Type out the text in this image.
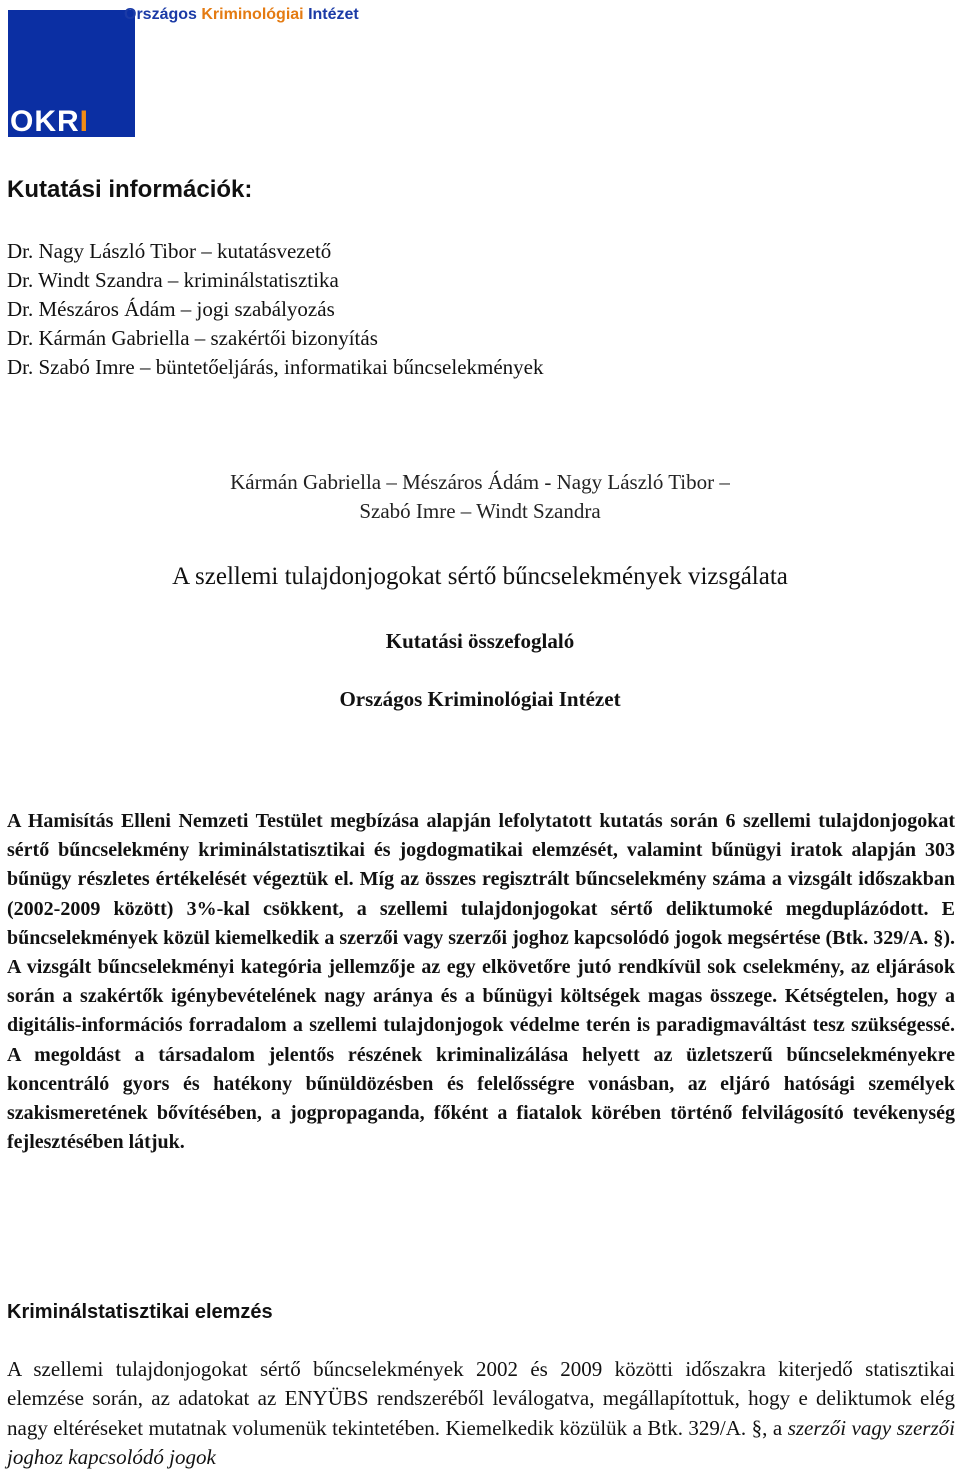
OKRI
Országos Kriminológiai Intézet
Kutatási információk:
Dr. Nagy László Tibor – kutatásvezető
Dr. Windt Szandra – kriminálstatisztika
Dr. Mészáros Ádám – jogi szabályozás
Dr. Kármán Gabriella – szakértői bizonyítás
Dr. Szabó Imre – büntetőeljárás, informatikai bűncselekmények
Kármán Gabriella – Mészáros Ádám - Nagy László Tibor –
Szabó Imre – Windt Szandra
A szellemi tulajdonjogokat sértő bűncselekmények vizsgálata
Kutatási összefoglaló
Országos Kriminológiai Intézet

A Hamisítás Elleni Nemzeti Testület megbízása alapján lefolytatott kutatás során 6 szellemi tulajdonjogokat sértő bűncselekmény kriminálstatisztikai és jogdogmatikai elemzését, valamint bűnügyi iratok alapján 303 bűnügy részletes értékelését végeztük el. Míg az összes regisztrált bűncselekmény száma a vizsgált időszakban (2002-2009 között) 3%-kal csökkent, a szellemi tulajdonjogokat sértő deliktumoké megduplázódott. E bűncselekmények közül kiemelkedik a szerzői vagy szerzői joghoz kapcsolódó jogok megsértése (Btk. 329/A. §). A vizsgált bűncselekményi kategória jellemzője az egy elkövetőre jutó rendkívül sok cselekmény, az eljárások során a szakértők igénybevételének nagy aránya és a bűnügyi költségek magas összege. Kétségtelen, hogy a digitális-információs forradalom a szellemi tulajdonjogok védelme terén is paradigmaváltást tesz szükségessé. A megoldást a társadalom jelentős részének kriminalizálása helyett az üzletszerű bűncselekményekre koncentráló gyors és hatékony bűnüldözésben és felelősségre vonásban, az eljáró hatósági személyek szakismeretének bővítésében, a jogpropaganda, főként a fiatalok körében történő felvilágosító tevékenység fejlesztésében látjuk.

Kriminálstatisztikai elemzés

A szellemi tulajdonjogokat sértő bűncselekmények 2002 és 2009 közötti időszakra kiterjedő statisztikai elemzése során, az adatokat az ENYÜBS rendszeréből leválogatva, megállapítottuk, hogy e deliktumok elég nagy eltéréseket mutatnak volumenük tekintetében. Kiemelkedik közülük a Btk. 329/A. §, a szerzői vagy szerzői joghoz kapcsolódó jogok
